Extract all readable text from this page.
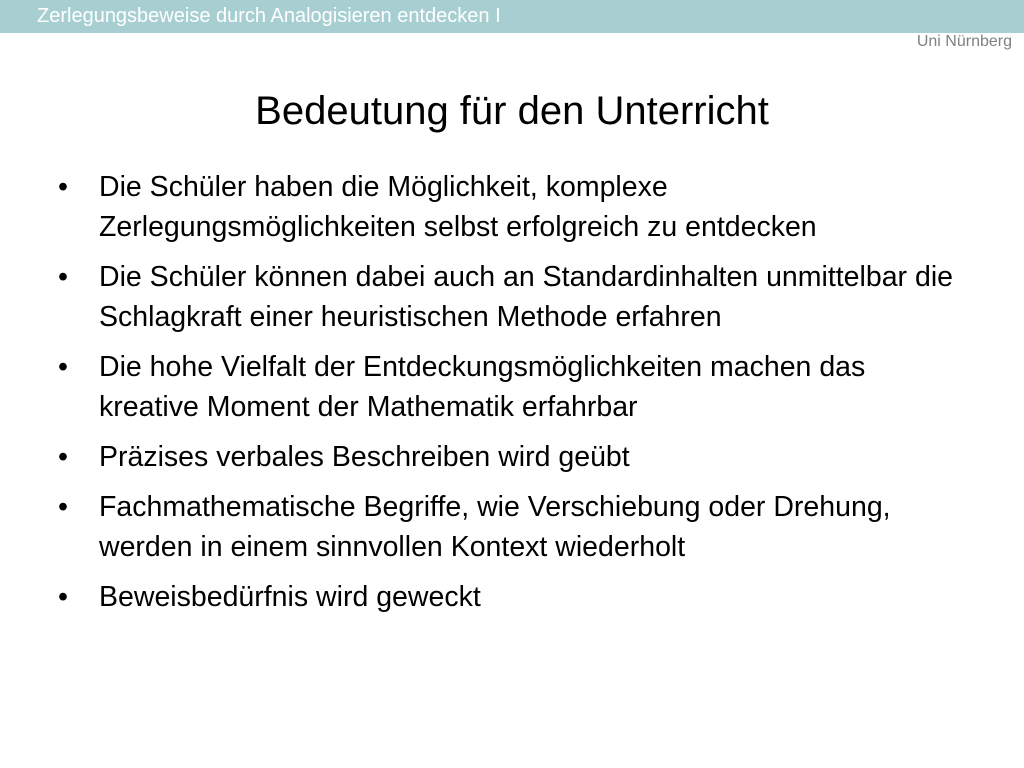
Zerlegungsbeweise durch Analogisieren entdecken I
Uni Nürnberg
Bedeutung für den Unterricht
•	Die Schüler haben die Möglichkeit, komplexe Zerlegungsmöglichkeiten selbst erfolgreich zu entdecken
•	Die Schüler können dabei auch an Standardinhalten unmittelbar die Schlagkraft einer heuristischen Methode erfahren
•	Die hohe Vielfalt der Entdeckungsmöglichkeiten machen das kreative Moment der Mathematik erfahrbar
•	Präzises verbales Beschreiben wird geübt
•	Fachmathematische Begriffe, wie Verschiebung oder Drehung, werden in einem sinnvollen Kontext wiederholt
•	Beweisbedürfnis wird geweckt
